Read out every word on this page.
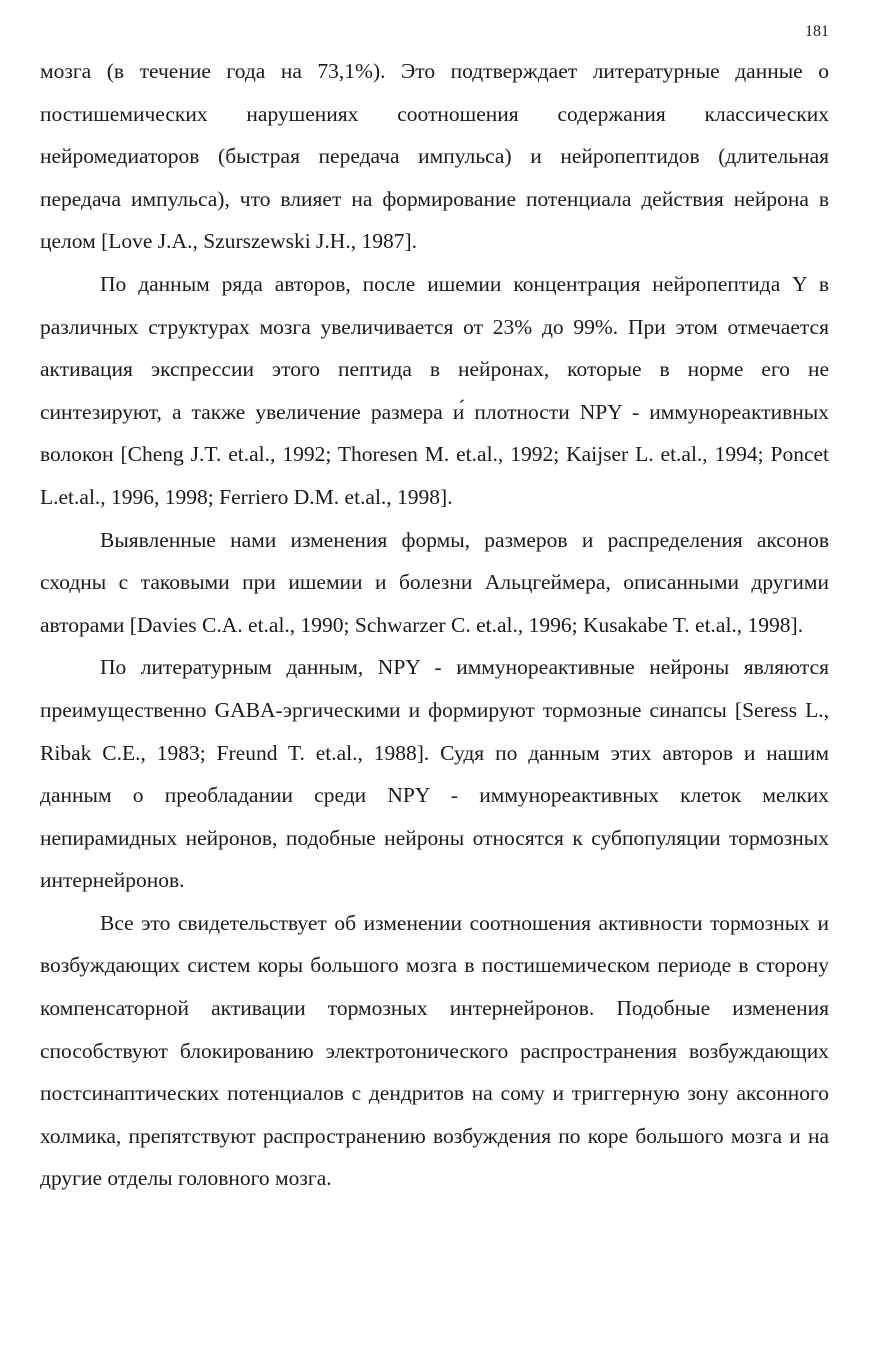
181

мозга (в течение года на 73,1%). Это подтверждает литературные данные о постишемических нарушениях соотношения содержания классических нейромедиаторов (быстрая передача импульса) и нейропептидов (длительная передача импульса), что влияет на формирование потенциала действия нейрона в целом [Love J.A., Szurszewski J.H., 1987].

По данным ряда авторов, после ишемии концентрация нейропептида Y в различных структурах мозга увеличивается от 23% до 99%. При этом отмечается активация экспрессии этого пептида в нейронах, которые в норме его не синтезируют, а также увеличение размера и́ плотности NPY - иммунореактивных волокон [Cheng J.T. et.al., 1992; Thoresen M. et.al., 1992; Kaijser L. et.al., 1994; Poncet L.et.al., 1996, 1998; Ferriero D.M. et.al., 1998].

Выявленные нами изменения формы, размеров и распределения аксонов сходны с таковыми при ишемии и болезни Альцгеймера, описанными другими авторами [Davies C.A. et.al., 1990; Schwarzer C. et.al., 1996; Kusakabe T. et.al., 1998].

По литературным данным, NPY - иммунореактивные нейроны являются преимущественно GABA-эргическими и формируют тормозные синапсы [Seress L., Ribak C.E., 1983; Freund T. et.al., 1988]. Судя по данным этих авторов и нашим данным о преобладании среди NPY - иммунореактивных клеток мелких непирамидных нейронов, подобные нейроны относятся к субпопуляции тормозных интернейронов.

Все это свидетельствует об изменении соотношения активности тормозных и возбуждающих систем коры большого мозга в постишемическом периоде в сторону компенсаторной активации тормозных интернейронов. Подобные изменения способствуют блокированию электротонического распространения возбуждающих постсинаптических потенциалов с дендритов на сому и триггерную зону аксонного холмика, препятствуют распространению возбуждения по коре большого мозга и на другие отделы головного мозга.
